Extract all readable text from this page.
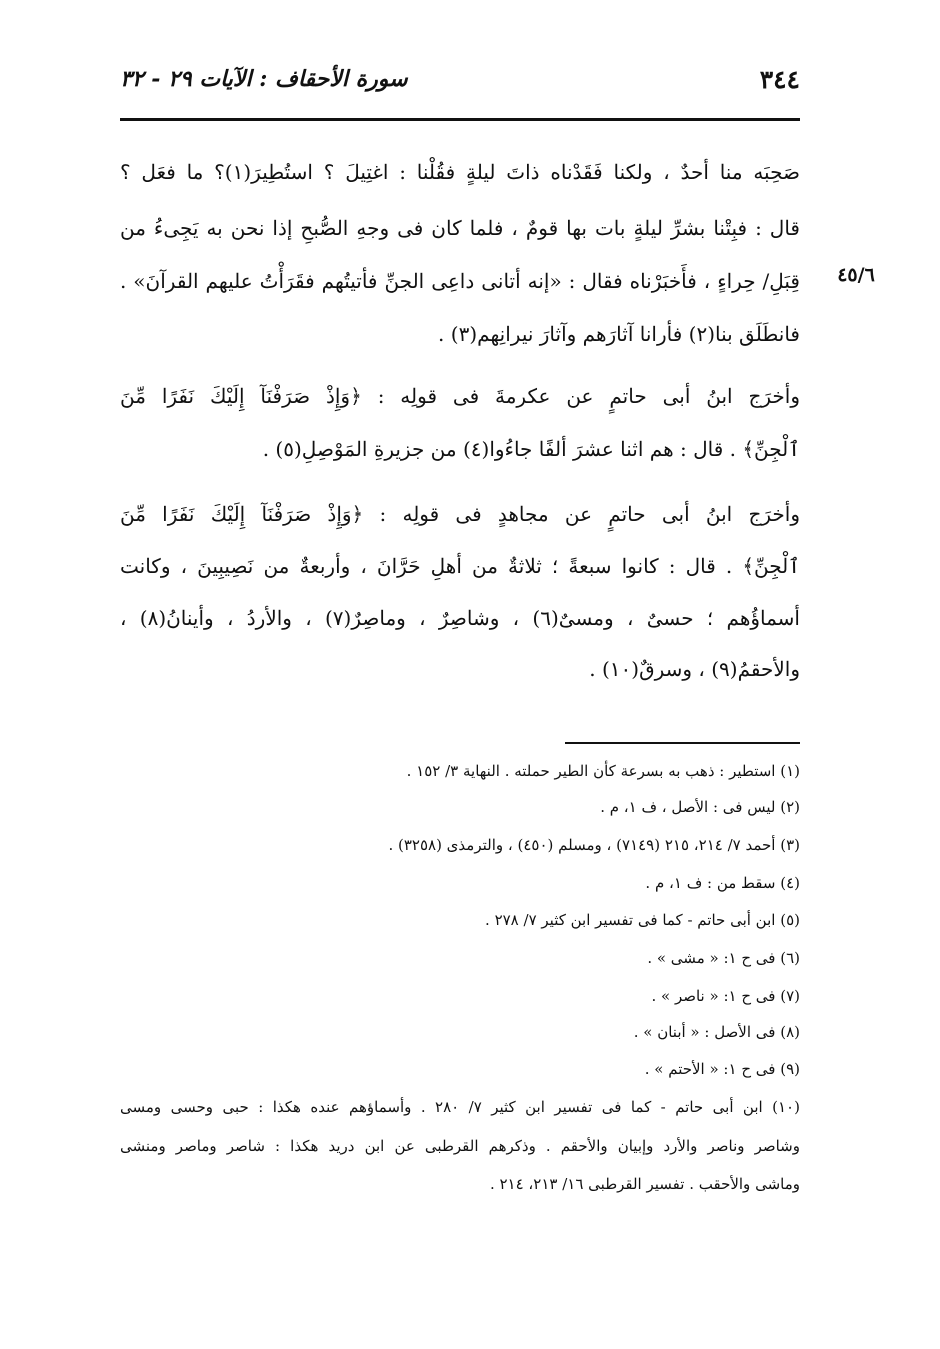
٣٤٤
سورة الأحقاف : الآيات ٢٩ - ٣٢
٤٥/٦
صَحِبَه منا أحدٌ ، ولكنا فَقَدْناه ذاتَ ليلةٍ فقُلْنا : اغتِيلَ ؟ استُطِيرَ(١)؟ ما فعَل ؟
قال : فبِتْنا بشرِّ ليلةٍ بات بها قومٌ ، فلما كان فى وجهِ الصُّبحِ إذا نحن به يَجِىءُ من
قِبَلِ/ حِراءٍ ، فأَخبَرْناه فقال : «إنه أتانى داعِى الجنِّ فأتيتُهم فقَرَأْتُ عليهم القرآنَ» .
فانطَلَق بنا(٢) فأرانا آثارَهم وآثارَ نيرانِهم(٣) .
وأخرَج ابنُ أبى حاتمٍ عن عكرمةَ فى قولِه : ﴿وَإِذْ صَرَفْنَآ إِلَيْكَ نَفَرًا مِّنَ
ٱلْجِنِّ﴾ . قال : هم اثنا عشرَ ألفًا جاءُوا(٤) من جزيرةِ المَوْصِلِ(٥) .
وأخرَج ابنُ أبى حاتمٍ عن مجاهدٍ فى قولِه : ﴿وَإِذْ صَرَفْنَآ إِلَيْكَ نَفَرًا مِّنَ
ٱلْجِنِّ﴾ . قال : كانوا سبعةً ؛ ثلاثةٌ من أهلِ حَرَّانَ ، وأربعةٌ من نَصِيبِينَ ، وكانت
أسماؤُهم ؛ حسىٌ ، ومسىٌ(٦) ، وشاصِرٌ ، وماصِرٌ(٧) ، والأردُ ، وأينانُ(٨) ،
والأحقمُ(٩) ، وسرقٌ(١٠) .
(١) استطير : ذهب به بسرعة كأن الطير حملته . النهاية ٣/ ١٥٢ .
(٢) ليس فى : الأصل ، ف ١، م .
(٣) أحمد ٧/ ٢١٤، ٢١٥ (٧١٤٩) ، ومسلم (٤٥٠) ، والترمذى (٣٢٥٨) .
(٤) سقط من : ف ١، م .
(٥) ابن أبى حاتم - كما فى تفسير ابن كثير ٧/ ٢٧٨ .
(٦) فى ح ١: « مشى » .
(٧) فى ح ١: « ناصر » .
(٨) فى الأصل : « أبنان » .
(٩) فى ح ١: « الأحتم » .
(١٠) ابن أبى حاتم - كما فى تفسير ابن كثير ٧/ ٢٨٠ . وأسماؤهم عنده هكذا : حبى وحسى ومسى
وشاصر وناصر والأرد وإبيان والأحقم . وذكرهم القرطبى عن ابن دريد هكذا : شاصر وماصر ومنشى
وماشى والأحقب . تفسير القرطبى ١٦/ ٢١٣، ٢١٤ .
